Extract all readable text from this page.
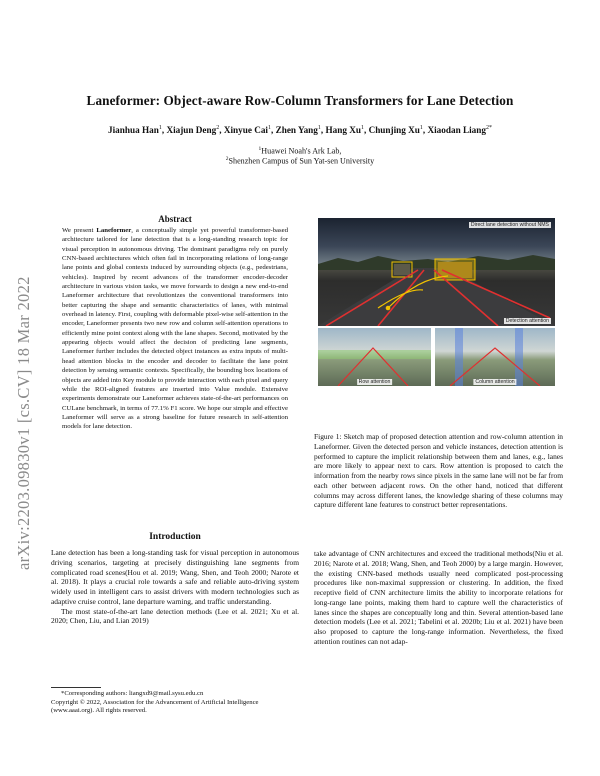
arXiv:2203.09830v1 [cs.CV] 18 Mar 2022
Laneformer: Object-aware Row-Column Transformers for Lane Detection
Jianhua Han$^1$, Xiajun Deng$^2$, Xinyue Cai$^1$, Zhen Yang$^1$, Hang Xu$^1$, Chunjing Xu$^1$, Xiaodan Liang$^{2*}$
$^1$Huawei Noah's Ark Lab,
$^2$Shenzhen Campus of Sun Yat-sen University
Abstract
We present Laneformer, a conceptually simple yet powerful transformer-based architecture tailored for lane detection that is a long-standing research topic for visual perception in autonomous driving. The dominant paradigms rely on purely CNN-based architectures which often fail in incorporating relations of long-range lane points and global contexts induced by surrounding objects (e.g., pedestrians, vehicles). Inspired by recent advances of the transformer encoder-decoder architecture in various vision tasks, we move forwards to design a new end-to-end Laneformer architecture that revolutionizes the conventional transformers into better capturing the shape and semantic characteristics of lanes, with minimal overhead in latency. First, coupling with deformable pixel-wise self-attention in the encoder, Laneformer presents two new row and column self-attention operations to efficiently mine point context along with the lane shapes. Second, motivated by the appearing objects would affect the decision of predicting lane segments, Laneformer further includes the detected object instances as extra inputs of multi-head attention blocks in the encoder and decoder to facilitate the lane point detection by sensing semantic contexts. Specifically, the bounding box locations of objects are added into Key module to provide interaction with each pixel and query while the ROI-aligned features are inserted into Value module. Extensive experiments demonstrate our Laneformer achieves state-of-the-art performances on CULane benchmark, in terms of 77.1% F1 score. We hope our simple and effective Laneformer will serve as a strong baseline for future research in self-attention models for lane detection.
Direct lane detection without NMS
Detection attention
Row attention	Column attention
Figure 1: Sketch map of proposed detection attention and row-column attention in Laneformer. Given the detected person and vehicle instances, detection attention is performed to capture the implicit relationship between them and lanes, e.g., lanes are more likely to appear next to cars. Row attention is proposed to catch the information from the nearby rows since pixels in the same lane will not be far from each other between adjacent rows. On the other hand, noticed that different columns may across different lanes, the knowledge sharing of these columns may capture different lane features to construct better representations.
Introduction

Lane detection has been a long-standing task for visual perception in autonomous driving scenarios, targeting at precisely distinguishing lane segments from complicated road scenes(Hou et al. 2019; Wang, Shen, and Teoh 2000; Narote et al. 2018). It plays a crucial role towards a safe and reliable auto-driving system widely used in intelligent cars to assist drivers with modern technologies such as adaptive cruise control, lane departure warning, and traffic understanding.

The most state-of-the-art lane detection methods (Lee et al. 2021; Xu et al. 2020; Chen, Liu, and Lian 2019)

take advantage of CNN architectures and exceed the traditional methods(Niu et al. 2016; Narote et al. 2018; Wang, Shen, and Teoh 2000) by a large margin. However, the existing CNN-based methods usually need complicated post-processing procedures like non-maximal suppression or clustering. In addition, the fixed receptive field of CNN architecture limits the ability to incorporate relations for long-range lane points, making them hard to capture well the characteristics of lanes since the shapes are conceptually long and thin. Several attention-based lane detection models (Lee et al. 2021; Tabelini et al. 2020b; Liu et al. 2021) have been also proposed to capture the long-range information. Nevertheless, the fixed attention routines can not adap-
*Corresponding authors: liangxd9@mail.sysu.edu.cn
Copyright © 2022, Association for the Advancement of Artificial Intelligence (www.aaai.org). All rights reserved.
